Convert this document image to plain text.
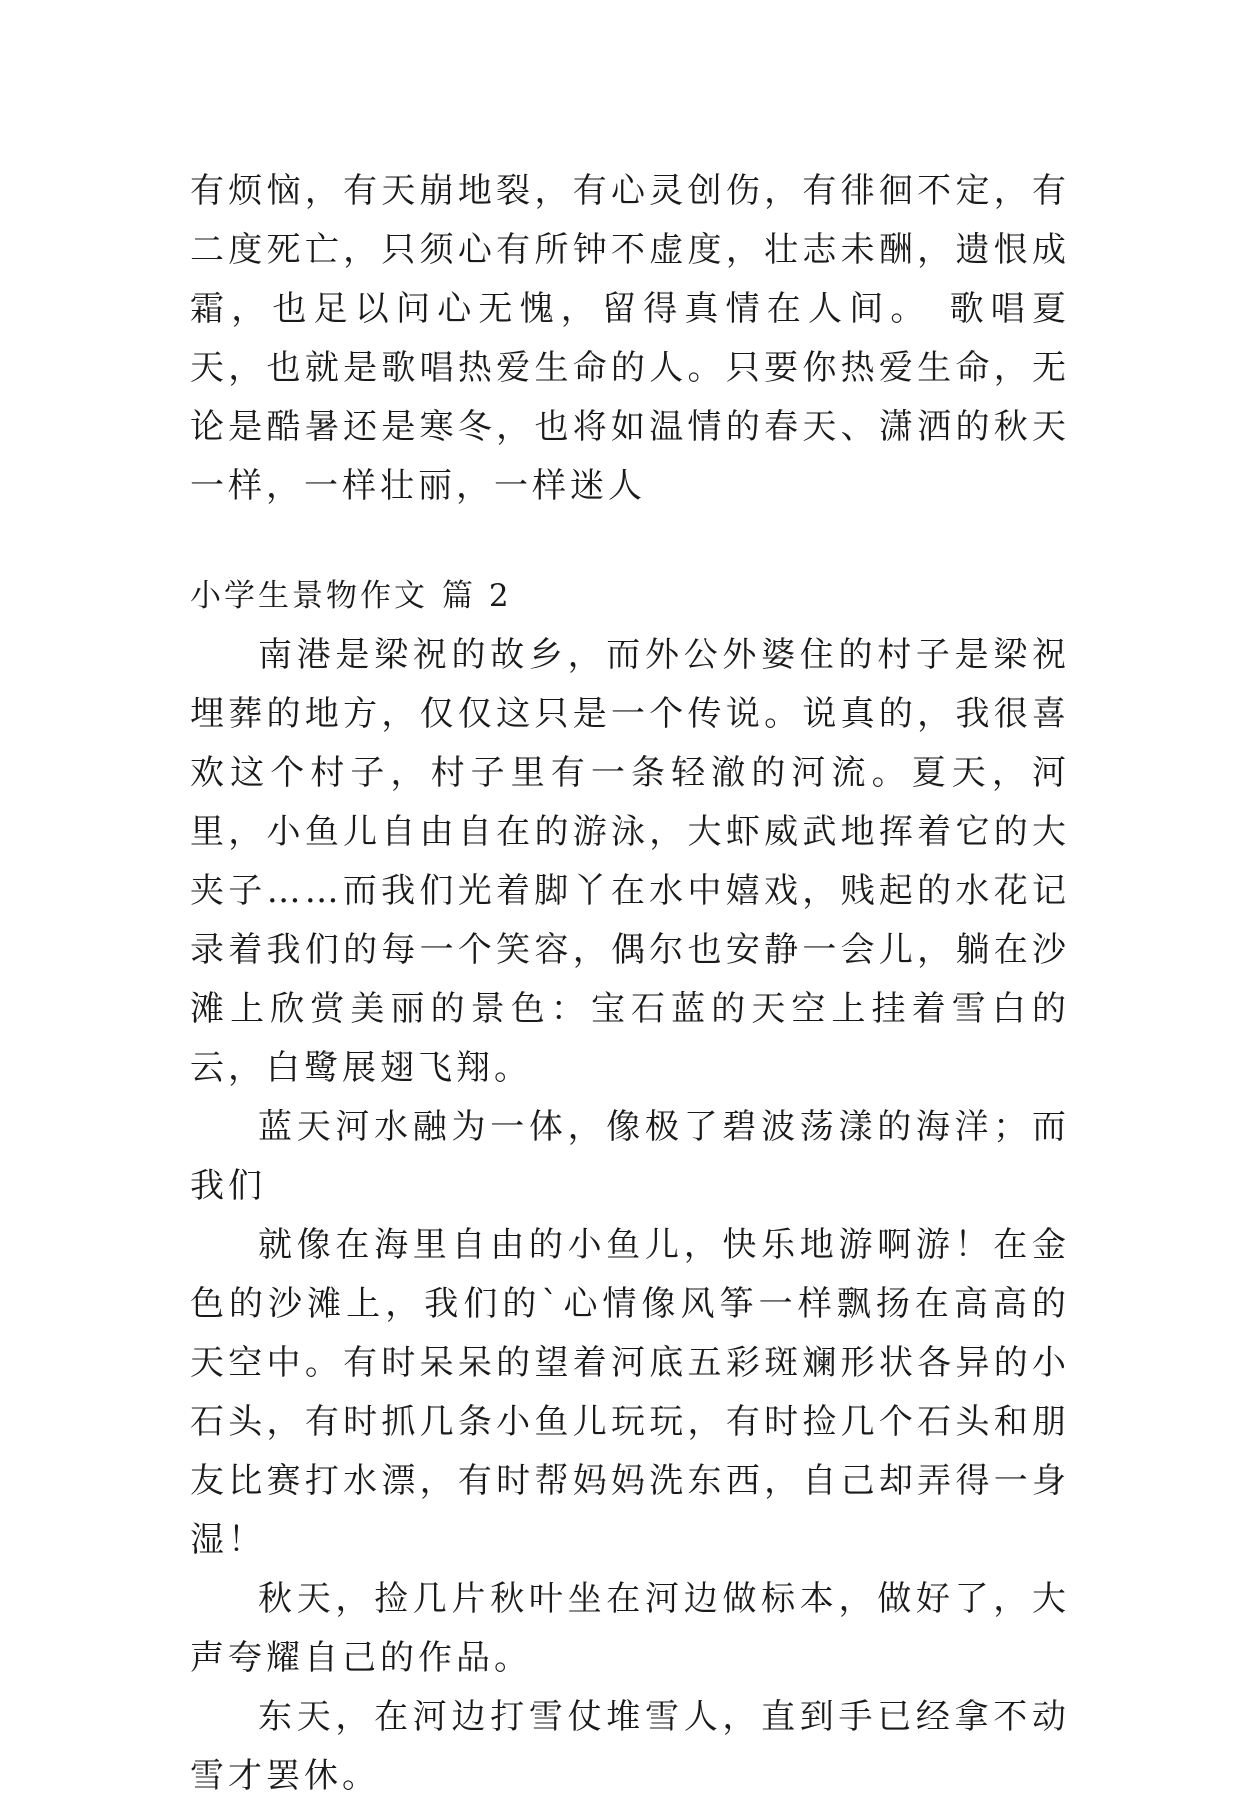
有烦恼，有天崩地裂，有心灵创伤，有徘徊不定，有二度死亡，只须心有所钟不虚度，壮志未酬，遗恨成霜，也足以问心无愧，留得真情在人间。 歌唱夏天，也就是歌唱热爱生命的人。只要你热爱生命，无论是酷暑还是寒冬，也将如温情的春天、潇洒的秋天一样，一样壮丽，一样迷人

小学生景物作文 篇 2

南港是梁祝的故乡，而外公外婆住的村子是梁祝埋葬的地方，仅仅这只是一个传说。说真的，我很喜欢这个村子，村子里有一条轻澈的河流。夏天，河里，小鱼儿自由自在的游泳，大虾威武地挥着它的大夹子……而我们光着脚丫在水中嬉戏，贱起的水花记录着我们的每一个笑容，偶尔也安静一会儿，躺在沙滩上欣赏美丽的景色：宝石蓝的天空上挂着雪白的云，白鹭展翅飞翔。

蓝天河水融为一体，像极了碧波荡漾的海洋；而我们

就像在海里自由的小鱼儿，快乐地游啊游！在金色的沙滩上，我们的`心情像风筝一样飘扬在高高的天空中。有时呆呆的望着河底五彩斑斓形状各异的小石头，有时抓几条小鱼儿玩玩，有时捡几个石头和朋友比赛打水漂，有时帮妈妈洗东西，自己却弄得一身湿！

秋天，捡几片秋叶坐在河边做标本，做好了，大声夸耀自己的作品。

东天，在河边打雪仗堆雪人，直到手已经拿不动雪才罢休。
